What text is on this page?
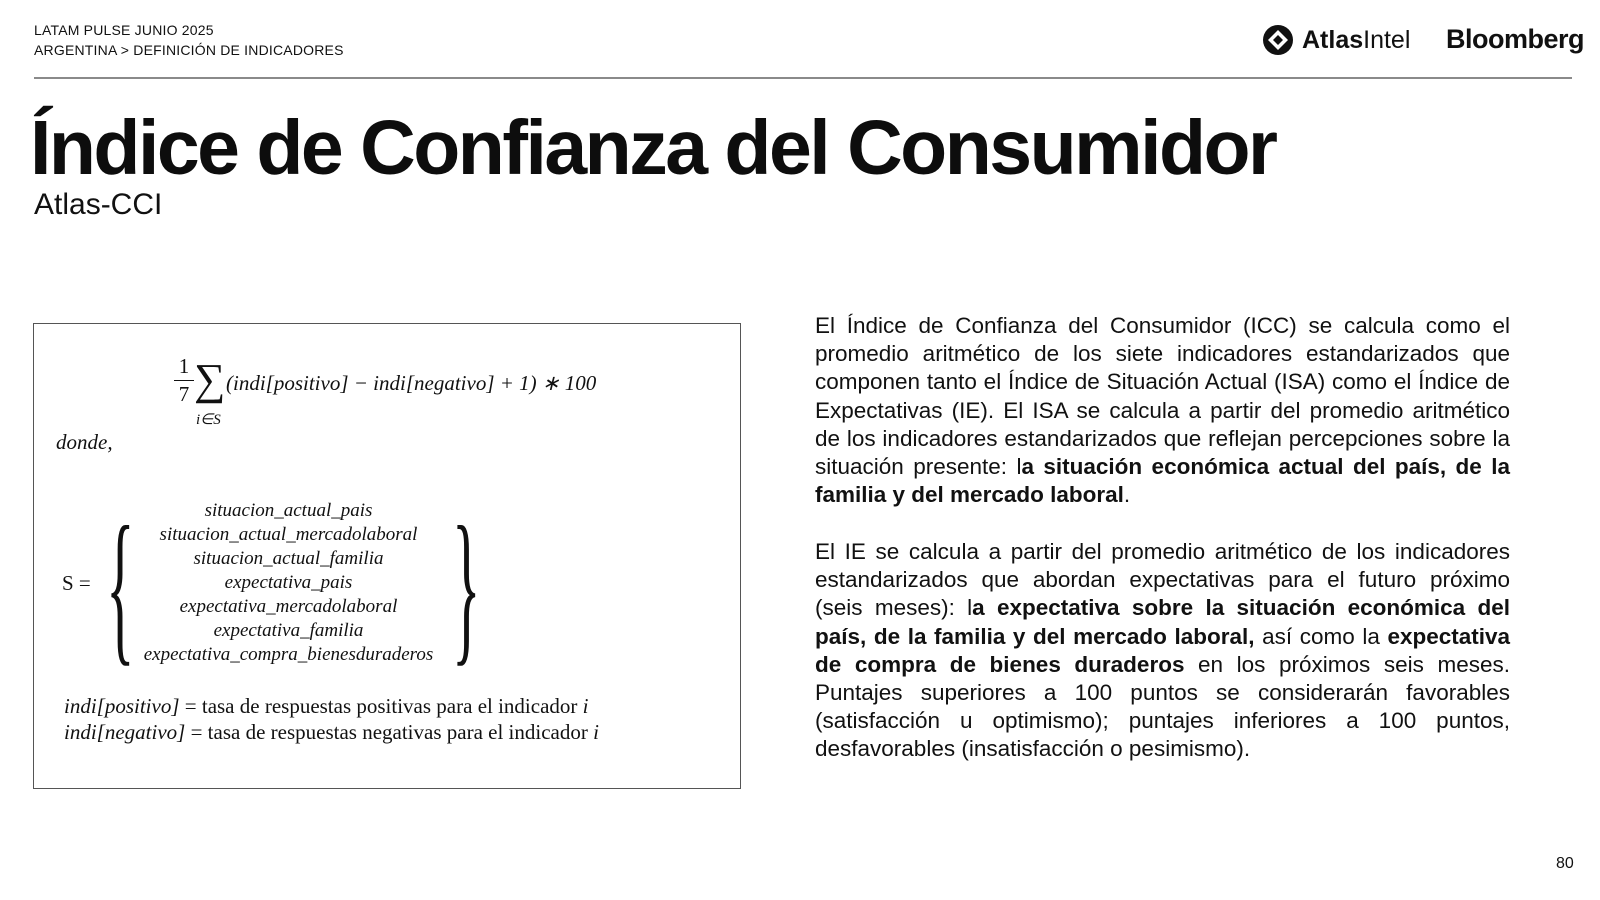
LATAM PULSE JUNIO 2025
ARGENTINA > DEFINICIÓN DE INDICADORES	AtlasIntel Bloomberg
Índice de Confianza del Consumidor
Atlas-CCI
1
7 ∑
i∈S
(indi[positivo] − indi[negativo] + 1) ∗ 100
donde,
S = {	situacion_actual_pais
situacion_actual_mercadolaboral
situacion_actual_familia
expectativa_pais
expectativa_mercadolaboral
expectativa_familia
expectativa_compra_bienesduraderos }
indi[positivo] = tasa de respuestas positivas para el indicador i
indi[negativo] = tasa de respuestas negativas para el indicador i
El Índice de Confianza del Consumidor (ICC) se calcula como el promedio aritmético de los siete indicadores estandarizados que componen tanto el Índice de Situación Actual (ISA) como el Índice de Expectativas (IE). El ISA se calcula a partir del promedio aritmético de los indicadores estandarizados que reflejan percepciones sobre la situación presente: la situación económica actual del país, de la familia y del mercado laboral.
El IE se calcula a partir del promedio aritmético de los indicadores estandarizados que abordan expectativas para el futuro próximo (seis meses): la expectativa sobre la situación económica del país, de la familia y del mercado laboral, así como la expectativa de compra de bienes duraderos en los próximos seis meses. Puntajes superiores a 100 puntos se considerarán favorables (satisfacción u optimismo); puntajes inferiores a 100 puntos, desfavorables (insatisfacción o pesimismo).
80
